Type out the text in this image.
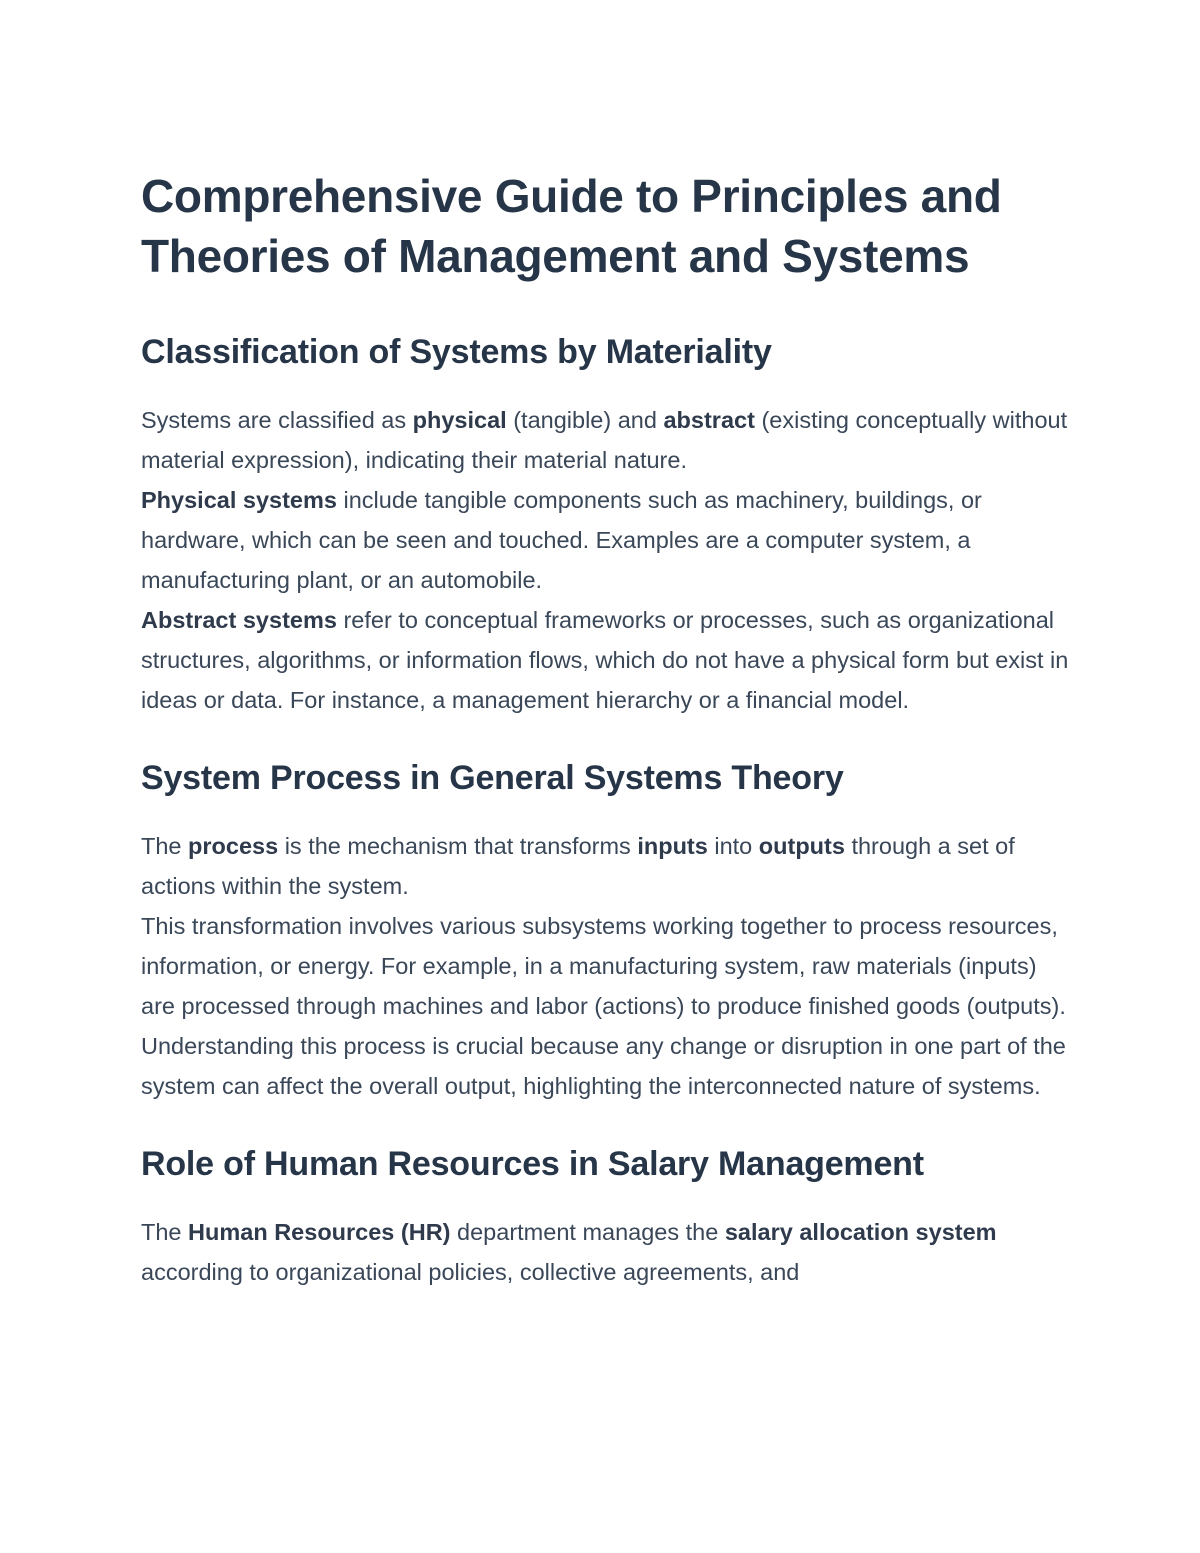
Comprehensive Guide to Principles and Theories of Management and Systems
Classification of Systems by Materiality

Systems are classified as physical (tangible) and abstract (existing conceptually without material expression), indicating their material nature.

Physical systems include tangible components such as machinery, buildings, or hardware, which can be seen and touched. Examples are a computer system, a manufacturing plant, or an automobile.

Abstract systems refer to conceptual frameworks or processes, such as organizational structures, algorithms, or information flows, which do not have a physical form but exist in ideas or data. For instance, a management hierarchy or a financial model.

System Process in General Systems Theory

The process is the mechanism that transforms inputs into outputs through a set of actions within the system.

This transformation involves various subsystems working together to process resources, information, or energy. For example, in a manufacturing system, raw materials (inputs) are processed through machines and labor (actions) to produce finished goods (outputs).

Understanding this process is crucial because any change or disruption in one part of the system can affect the overall output, highlighting the interconnected nature of systems.

Role of Human Resources in Salary Management

The Human Resources (HR) department manages the salary allocation system according to organizational policies, collective agreements, and
